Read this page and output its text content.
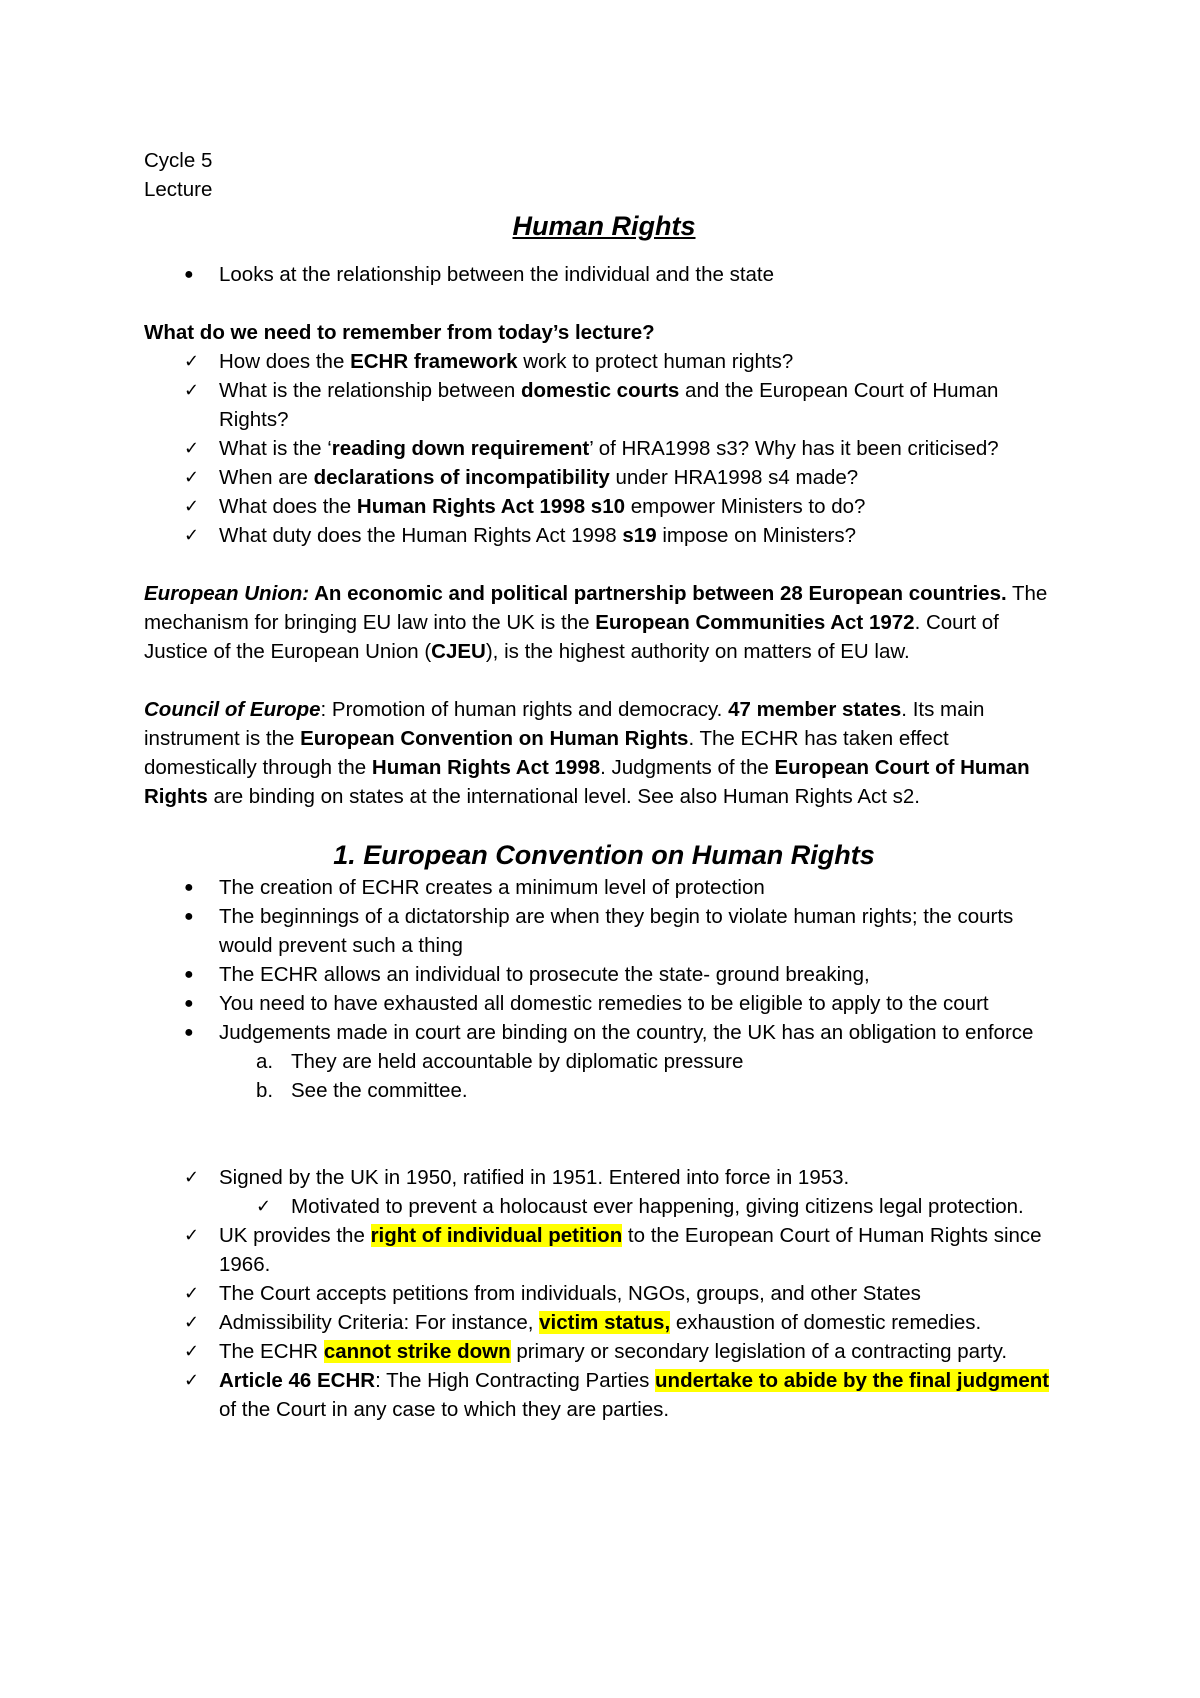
Cycle 5

Lecture

Human Rights

● Looks at the relationship between the individual and the state

What do we need to remember from today’s lecture?

✓ How does the ECHR framework work to protect human rights?
✓ What is the relationship between domestic courts and the European Court of Human Rights?
✓ What is the ‘reading down requirement’ of HRA1998 s3? Why has it been criticised?
✓ When are declarations of incompatibility under HRA1998 s4 made?
✓ What does the Human Rights Act 1998 s10 empower Ministers to do?
✓ What duty does the Human Rights Act 1998 s19 impose on Ministers?

European Union: An economic and political partnership between 28 European countries. The mechanism for bringing EU law into the UK is the European Communities Act 1972. Court of Justice of the European Union (CJEU), is the highest authority on matters of EU law.

Council of Europe: Promotion of human rights and democracy. 47 member states. Its main instrument is the European Convention on Human Rights. The ECHR has taken effect domestically through the Human Rights Act 1998. Judgments of the European Court of Human Rights are binding on states at the international level. See also Human Rights Act s2.

1. European Convention on Human Rights

● The creation of ECHR creates a minimum level of protection
● The beginnings of a dictatorship are when they begin to violate human rights; the courts would prevent such a thing
● The ECHR allows an individual to prosecute the state- ground breaking,
● You need to have exhausted all domestic remedies to be eligible to apply to the court
● Judgements made in court are binding on the country, the UK has an obligation to enforce
a. They are held accountable by diplomatic pressure
b. See the committee.
✓ Signed by the UK in 1950, ratified in 1951. Entered into force in 1953.
✓ Motivated to prevent a holocaust ever happening, giving citizens legal protection.
✓ UK provides the right of individual petition to the European Court of Human Rights since 1966.
✓ The Court accepts petitions from individuals, NGOs, groups, and other States
✓ Admissibility Criteria: For instance, victim status, exhaustion of domestic remedies.
✓ The ECHR cannot strike down primary or secondary legislation of a contracting party.
✓ Article 46 ECHR: The High Contracting Parties undertake to abide by the final judgment of the Court in any case to which they are parties.
